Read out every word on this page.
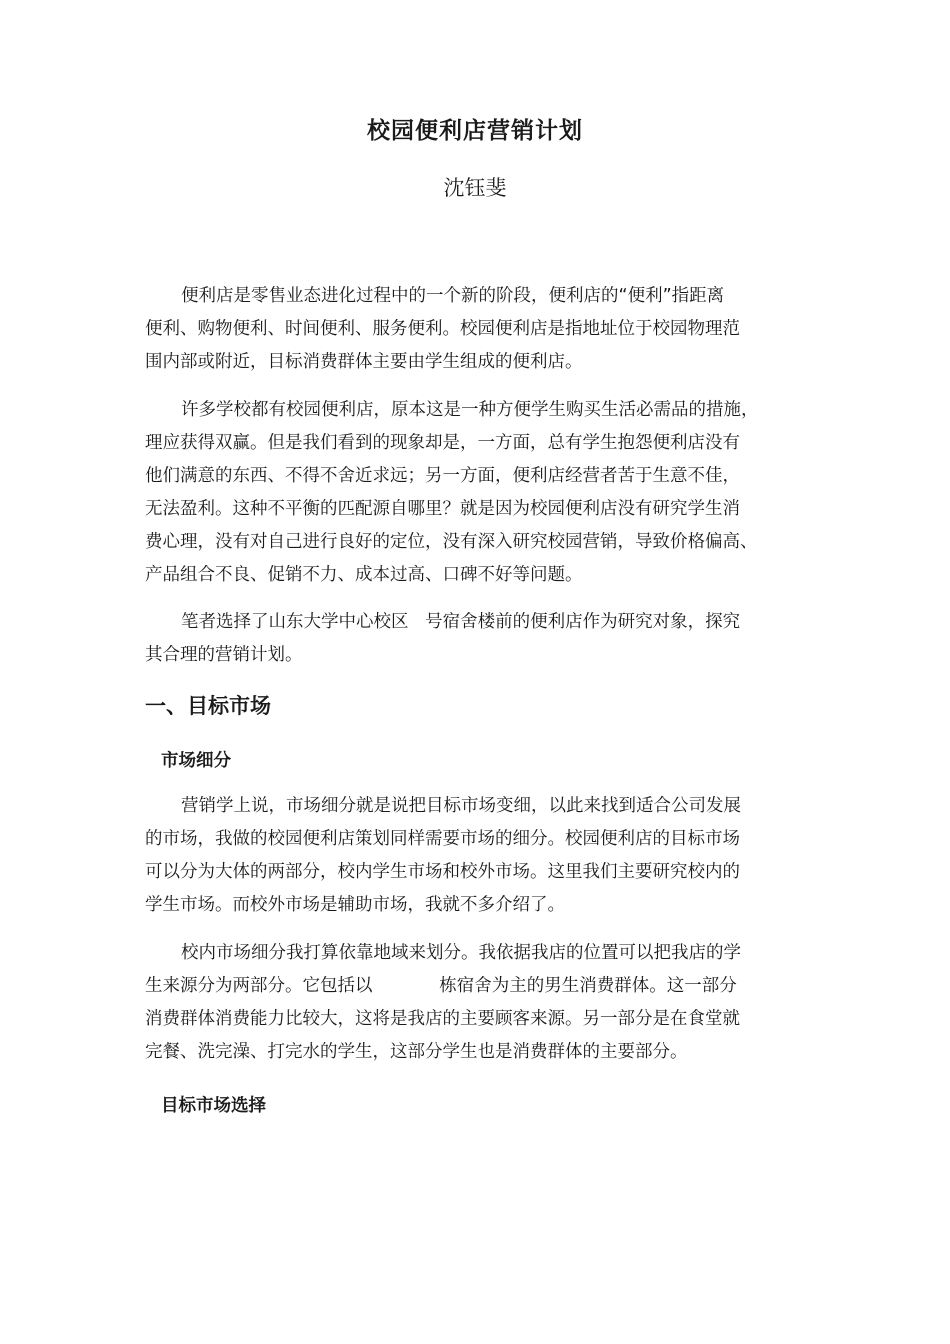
校园便利店营销计划
沈钰斐
便利店是零售业态进化过程中的一个新的阶段，便利店的“便利”指距离
便利、购物便利、时间便利、服务便利。校园便利店是指地址位于校园物理范
围内部或附近，目标消费群体主要由学生组成的便利店。
许多学校都有校园便利店，原本这是一种方便学生购买生活必需品的措施，
理应获得双赢。但是我们看到的现象却是，一方面，总有学生抱怨便利店没有
他们满意的东西、不得不舍近求远；另一方面，便利店经营者苦于生意不佳，
无法盈利。这种不平衡的匹配源自哪里？就是因为校园便利店没有研究学生消
费心理，没有对自己进行良好的定位，没有深入研究校园营销，导致价格偏高、
产品组合不良、促销不力、成本过高、口碑不好等问题。
笔者选择了山东大学中心校区   号宿舍楼前的便利店作为研究对象，探究
其合理的营销计划。
一、目标市场
市场细分
营销学上说，市场细分就是说把目标市场变细，以此来找到适合公司发展
的市场，我做的校园便利店策划同样需要市场的细分。校园便利店的目标市场
可以分为大体的两部分，校内学生市场和校外市场。这里我们主要研究校内的
学生市场。而校外市场是辅助市场，我就不多介绍了。
校内市场细分我打算依靠地域来划分。我依据我店的位置可以把我店的学
生来源分为两部分。它包括以            栋宿舍为主的男生消费群体。这一部分
消费群体消费能力比较大，这将是我店的主要顾客来源。另一部分是在食堂就
完餐、洗完澡、打完水的学生，这部分学生也是消费群体的主要部分。
目标市场选择
